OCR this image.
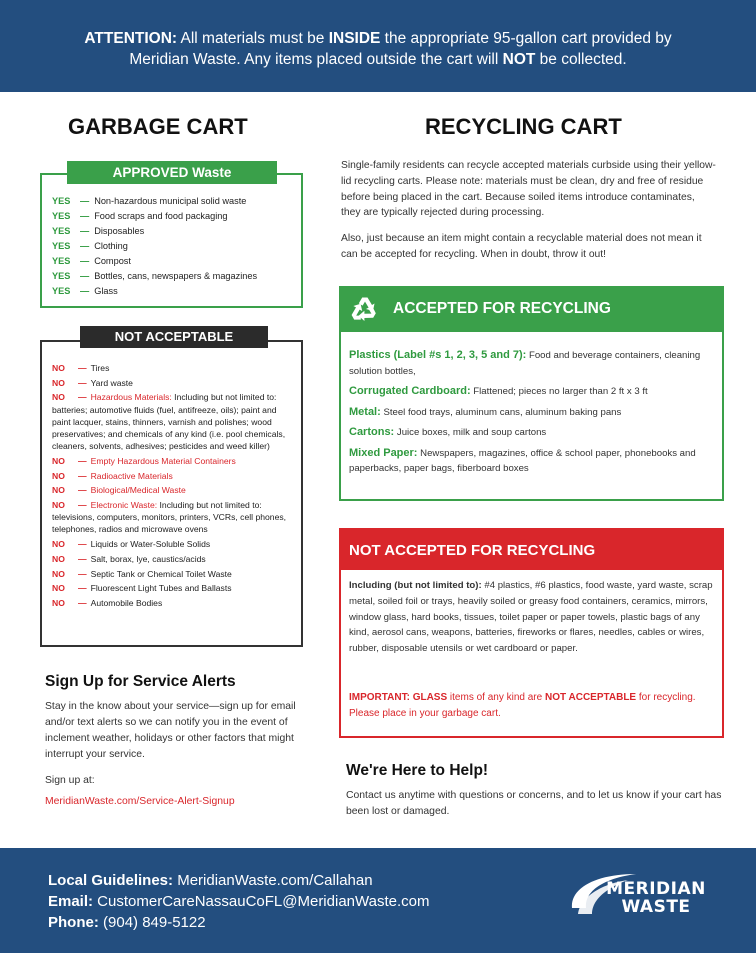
ATTENTION: All materials must be INSIDE the appropriate 95-gallon cart provided by
Meridian Waste. Any items placed outside the cart will NOT be collected.
GARBAGE CART
APPROVED Waste
YES — Non-hazardous municipal solid waste
YES — Food scraps and food packaging
YES — Disposables
YES — Clothing
YES — Compost
YES — Bottles, cans, newspapers & magazines
YES — Glass
NOT ACCEPTABLE
NO — Tires
NO — Yard waste
NO — Hazardous Materials: Including but not limited to: batteries; automotive fluids (fuel, antifreeze, oils); paint and paint lacquer, stains, thinners, varnish and polishes; wood preservatives; and chemicals of any kind (i.e. pool chemicals, cleaners, solvents, adhesives; pesticides and weed killer)
NO — Empty Hazardous Material Containers
NO — Radioactive Materials
NO — Biological/Medical Waste
NO — Electronic Waste: Including but not limited to: televisions, computers, monitors, printers, VCRs, cell phones, telephones, radios and microwave ovens
NO — Liquids or Water-Soluble Solids
NO — Salt, borax, lye, caustics/acids
NO — Septic Tank or Chemical Toilet Waste
NO — Fluorescent Light Tubes and Ballasts
NO — Automobile Bodies
Sign Up for Service Alerts

Stay in the know about your service—sign up for email and/or text alerts so we can notify you in the event of inclement weather, holidays or other factors that might interrupt your service.

Sign up at:

MeridianWaste.com/Service-Alert-Signup

RECYCLING CART

Single-family residents can recycle accepted materials curbside using their yellow-lid recycling carts. Please note: materials must be clean, dry and free of residue before being placed in the cart. Because soiled items introduce contaminates, they are typically rejected during processing.

Also, just because an item might contain a recyclable material does not mean it can be accepted for recycling. When in doubt, throw it out!

ACCEPTED FOR RECYCLING
Plastics (Label #s 1, 2, 3, 5 and 7): Food and beverage containers, cleaning solution bottles,
Corrugated Cardboard: Flattened; pieces no larger than 2 ft x 3 ft
Metal: Steel food trays, aluminum cans, aluminum baking pans
Cartons: Juice boxes, milk and soup cartons
Mixed Paper: Newspapers, magazines, office & school paper, phonebooks and paperbacks, paper bags, fiberboard boxes
NOT ACCEPTED FOR RECYCLING
Including (but not limited to): #4 plastics, #6 plastics, food waste, yard waste, scrap metal, soiled foil or trays, heavily soiled or greasy food containers, ceramics, mirrors, window glass, hard books, tissues, toilet paper or paper towels, plastic bags of any kind, aerosol cans, weapons, batteries, fireworks or flares, needles, cables or wires, rubber, disposable utensils or wet cardboard or paper.
IMPORTANT: GLASS items of any kind are NOT ACCEPTABLE for recycling. Please place in your garbage cart.
We're Here to Help!

Contact us anytime with questions or concerns, and to let us know if your cart has been lost or damaged.

Local Guidelines: MeridianWaste.com/Callahan
Email: CustomerCareNassauCoFL@MeridianWaste.com
Phone: (904) 849-5122
MERIDIAN
WASTE
